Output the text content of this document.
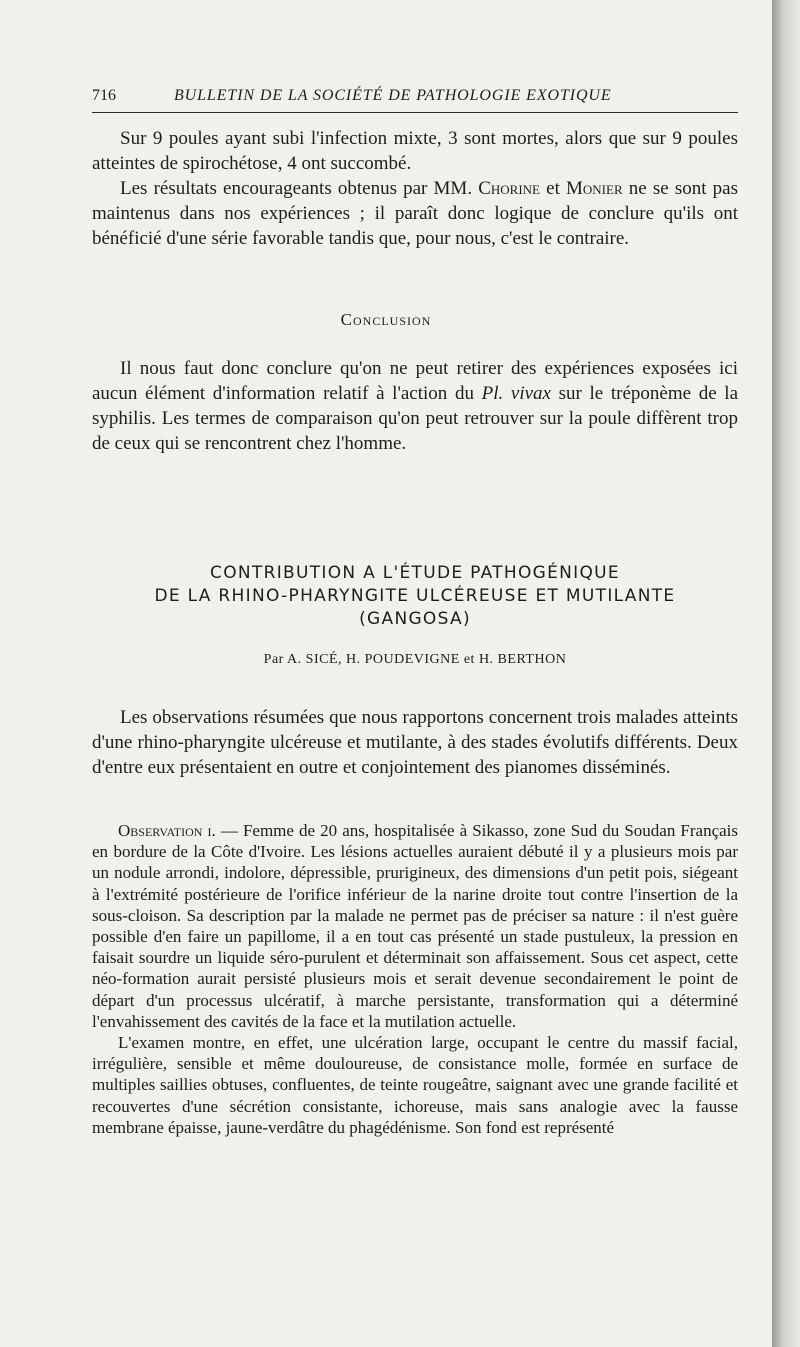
716	BULLETIN DE LA SOCIÉTÉ DE PATHOLOGIE EXOTIQUE

Sur 9 poules ayant subi l'infection mixte, 3 sont mortes, alors que sur 9 poules atteintes de spirochétose, 4 ont succombé.

Les résultats encourageants obtenus par MM. Chorine et Monier ne se sont pas maintenus dans nos expériences ; il paraît donc logique de conclure qu'ils ont bénéficié d'une série favorable tandis que, pour nous, c'est le contraire.

Conclusion

Il nous faut donc conclure qu'on ne peut retirer des expériences exposées ici aucun élément d'information relatif à l'action du Pl. vivax sur le tréponème de la syphilis. Les termes de comparaison qu'on peut retrouver sur la poule diffèrent trop de ceux qui se rencontrent chez l'homme.

CONTRIBUTION A L'ÉTUDE PATHOGÉNIQUE
DE LA RHINO-PHARYNGITE ULCÉREUSE ET MUTILANTE
(GANGOSA)
Par A. SICÉ, H. POUDEVIGNE et H. BERTHON

Les observations résumées que nous rapportons concernent trois malades atteints d'une rhino-pharyngite ulcéreuse et mutilante, à des stades évolutifs différents. Deux d'entre eux présentaient en outre et conjointement des pianomes disséminés.

Observation i. — Femme de 20 ans, hospitalisée à Sikasso, zone Sud du Soudan Français en bordure de la Côte d'Ivoire. Les lésions actuelles auraient débuté il y a plusieurs mois par un nodule arrondi, indolore, dépressible, prurigineux, des dimensions d'un petit pois, siégeant à l'extrémité postérieure de l'orifice inférieur de la narine droite tout contre l'insertion de la sous-cloison. Sa description par la malade ne permet pas de préciser sa nature : il n'est guère possible d'en faire un papillome, il a en tout cas présenté un stade pustuleux, la pression en faisait sourdre un liquide séro-purulent et déterminait son affaissement. Sous cet aspect, cette néo-formation aurait persisté plusieurs mois et serait devenue secondairement le point de départ d'un processus ulcératif, à marche persistante, transformation qui a déterminé l'envahissement des cavités de la face et la mutilation actuelle.

L'examen montre, en effet, une ulcération large, occupant le centre du massif facial, irrégulière, sensible et même douloureuse, de consistance molle, formée en surface de multiples saillies obtuses, confluentes, de teinte rougeâtre, saignant avec une grande facilité et recouvertes d'une sécrétion consistante, ichoreuse, mais sans analogie avec la fausse membrane épaisse, jaune-verdâtre du phagédénisme. Son fond est représenté
